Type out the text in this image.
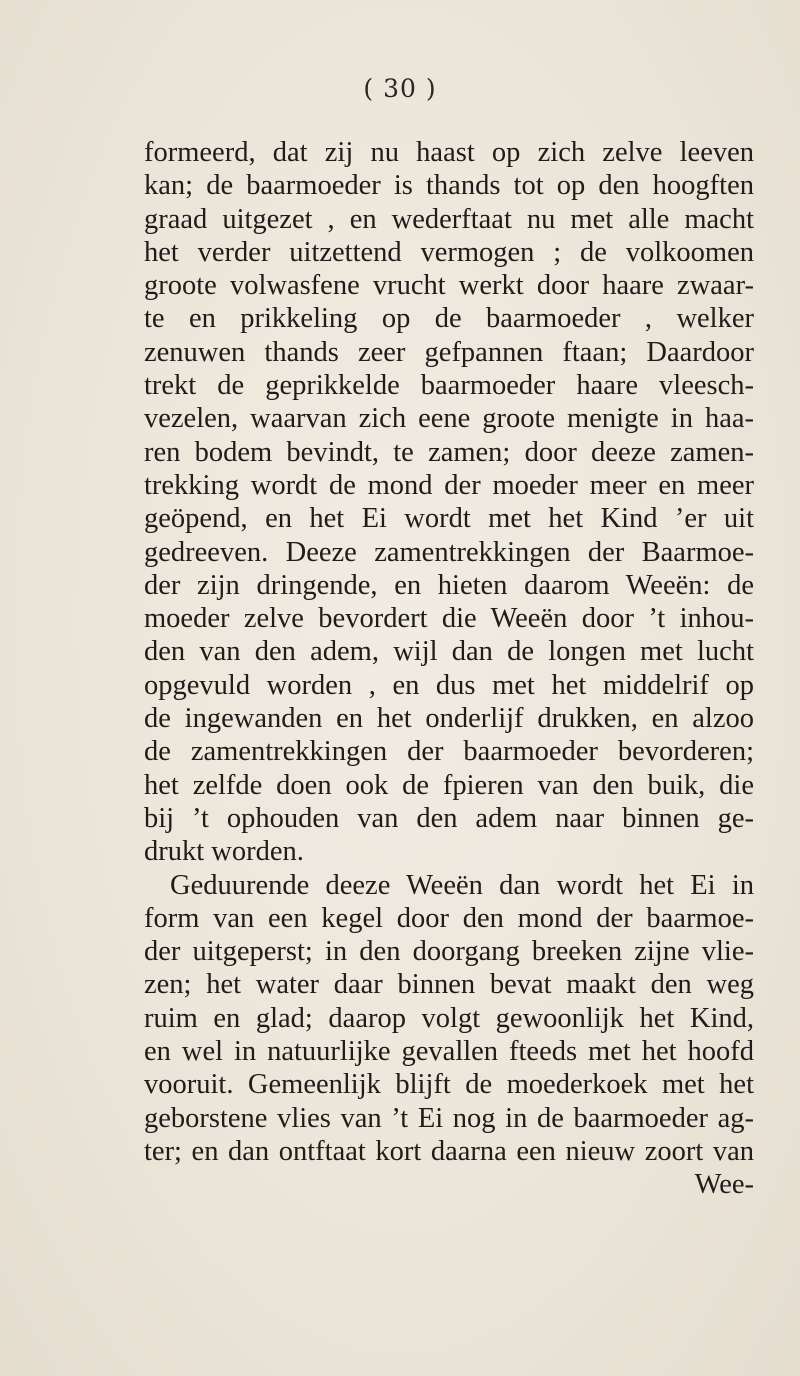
( 30 )
formeerd, dat zij nu haast op zich zelve leeven
kan; de baarmoeder is thands tot op den hoogften
graad uitgezet , en wederftaat nu met alle macht
het verder uitzettend vermogen ; de volkoomen
groote volwasfene vrucht werkt door haare zwaar-
te en prikkeling op de baarmoeder , welker
zenuwen thands zeer gefpannen ftaan; Daardoor
trekt de geprikkelde baarmoeder haare vleesch-
vezelen, waarvan zich eene groote menigte in haa-
ren bodem bevindt, te zamen; door deeze zamen-
trekking wordt de mond der moeder meer en meer
geöpend, en het Ei wordt met het Kind ’er uit
gedreeven. Deeze zamentrekkingen der Baarmoe-
der zijn dringende, en hieten daarom Weeën: de
moeder zelve bevordert die Weeën door ’t inhou-
den van den adem, wijl dan de longen met lucht
opgevuld worden , en dus met het middelrif op
de ingewanden en het onderlijf drukken, en alzoo
de zamentrekkingen der baarmoeder bevorderen;
het zelfde doen ook de fpieren van den buik, die
bij ’t ophouden van den adem naar binnen ge-
drukt worden.
Geduurende deeze Weeën dan wordt het Ei in
form van een kegel door den mond der baarmoe-
der uitgeperst; in den doorgang breeken zijne vlie-
zen; het water daar binnen bevat maakt den weg
ruim en glad; daarop volgt gewoonlijk het Kind,
en wel in natuurlijke gevallen fteeds met het hoofd
vooruit. Gemeenlijk blijft de moederkoek met het
geborstene vlies van ’t Ei nog in de baarmoeder ag-
ter; en dan ontftaat kort daarna een nieuw zoort van
Wee-
